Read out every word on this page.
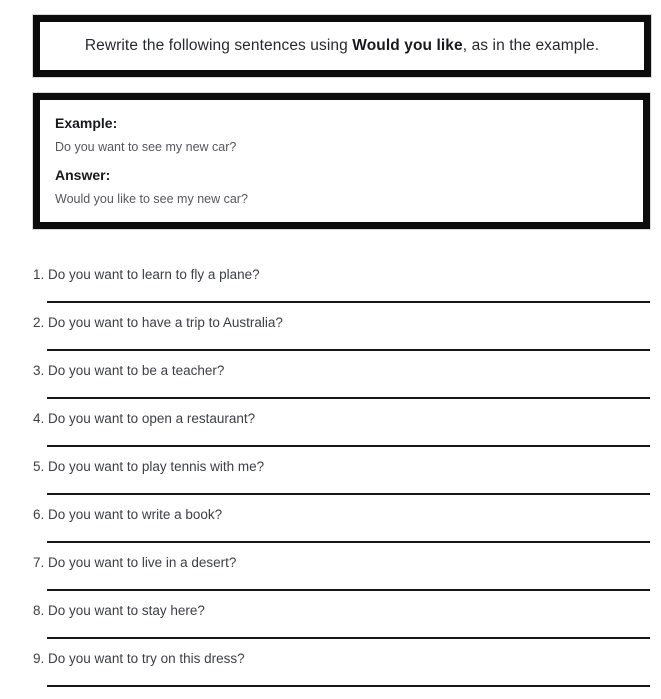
Rewrite the following sentences using Would you like, as in the example.

Example:

Do you want to see my new car?

Answer:

Would you like to see my new car?

1. Do you want to learn to fly a plane?

2. Do you want to have a trip to Australia?

3. Do you want to be a teacher?

4. Do you want to open a restaurant?

5. Do you want to play tennis with me?

6. Do you want to write a book?

7. Do you want to live in a desert?

8. Do you want to stay here?

9. Do you want to try on this dress?
